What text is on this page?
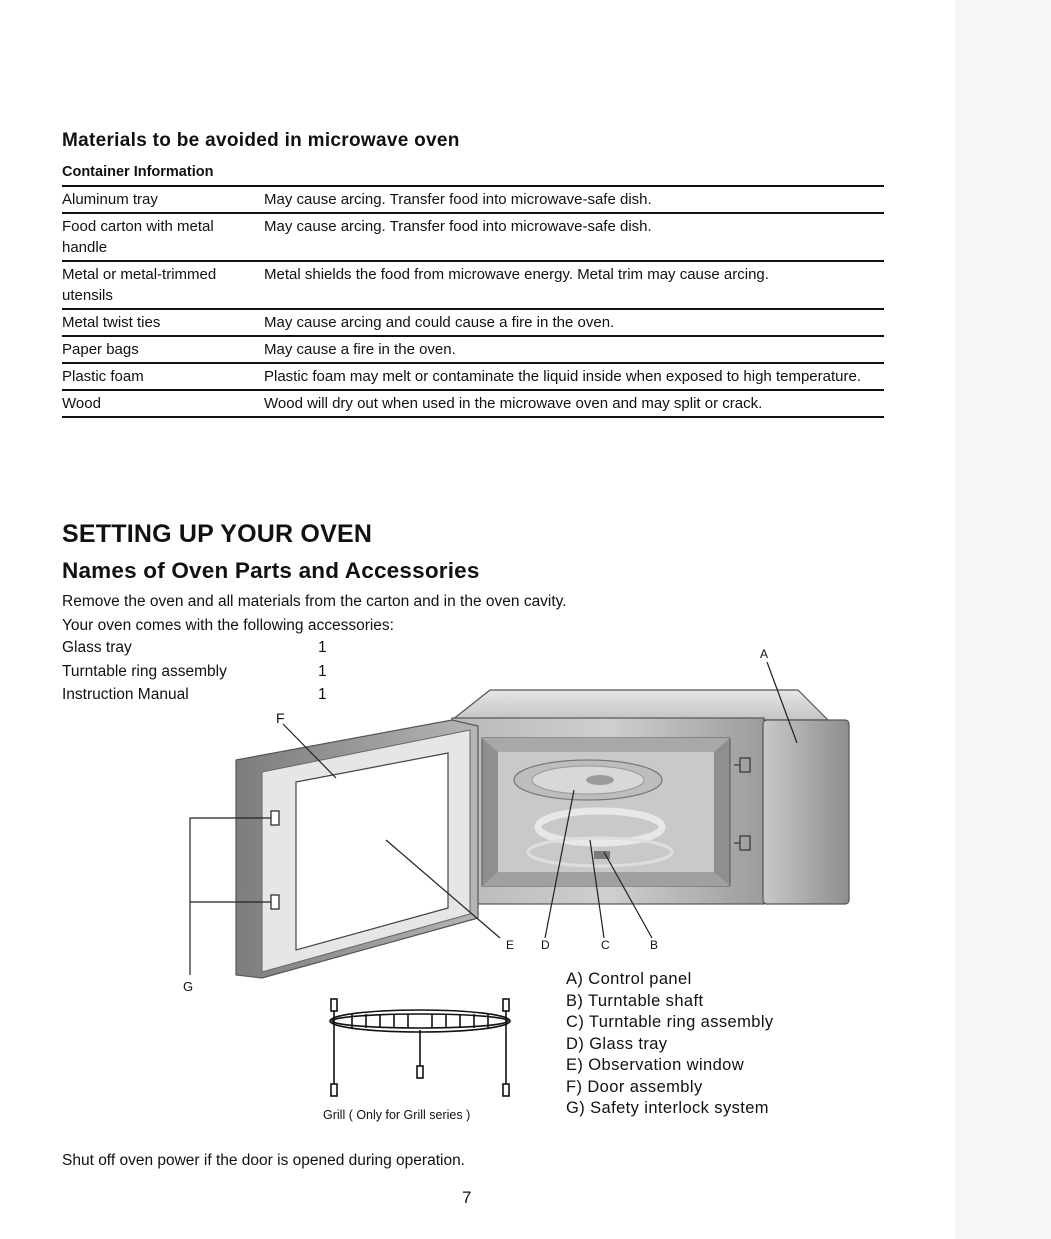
Materials to be avoided in microwave oven
Container Information
Aluminum tray	May cause arcing. Transfer food into microwave-safe dish.
Food carton with metal handle	May cause arcing. Transfer food into microwave-safe dish.
Metal or metal-trimmed utensils	Metal shields the food from microwave energy. Metal trim may cause arcing.
Metal twist ties	May cause arcing and could cause a fire in the oven.
Paper bags	May cause a fire in the oven.
Plastic foam	Plastic foam may melt or contaminate the liquid inside when exposed to high temperature.
Wood	Wood will dry out when used in the microwave oven and may split or crack.
SETTING UP YOUR OVEN
Names of Oven Parts and Accessories
Remove the oven and all materials from the carton and in the oven cavity.
Your oven comes with the following accessories:
Glass tray	1
Turntable ring assembly	1
Instruction Manual	1
A
F
E D	C	B
G	A) Control panel
B) Turntable shaft
C) Turntable ring assembly
D) Glass tray
E) Observation window
F) Door assembly
G) Safety interlock system
Grill ( Only for Grill series )
Shut off oven power if the door is opened during operation.
7
